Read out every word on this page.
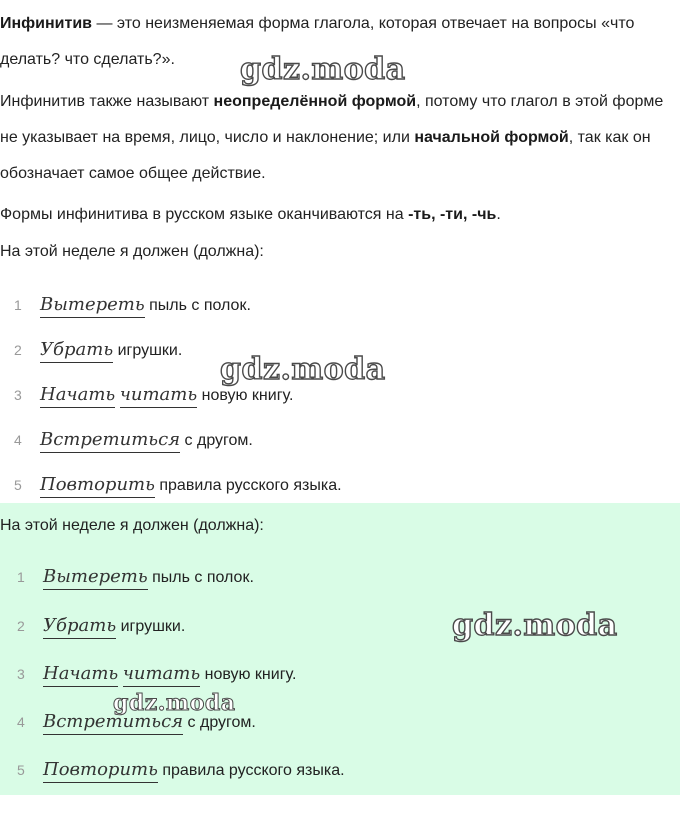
Инфинитив — это неизменяемая форма глагола, которая отвечает на вопросы «что делать? что сделать?».

Инфинитив также называют неопределённой формой, потому что глагол в этой форме не указывает на время, лицо, число и наклонение; или начальной формой, так как он обозначает самое общее действие.

Формы инфинитива в русском языке оканчиваются на -ть, -ти, -чь.

На этой неделе я должен (должна):

1 Вытереть пыль с полок.
2 Убрать игрушки.
3 Начать читать новую книгу.
4 Встретиться с другом.
5 Повторить правила русского языка.

На этой неделе я должен (должна):

1 Вытереть пыль с полок.
2 Убрать игрушки.
3 Начать читать новую книгу.
4 Встретиться с другом.
5 Повторить правила русского языка.
gdz.moda
gdz.moda
gdz.moda
gdz.moda
